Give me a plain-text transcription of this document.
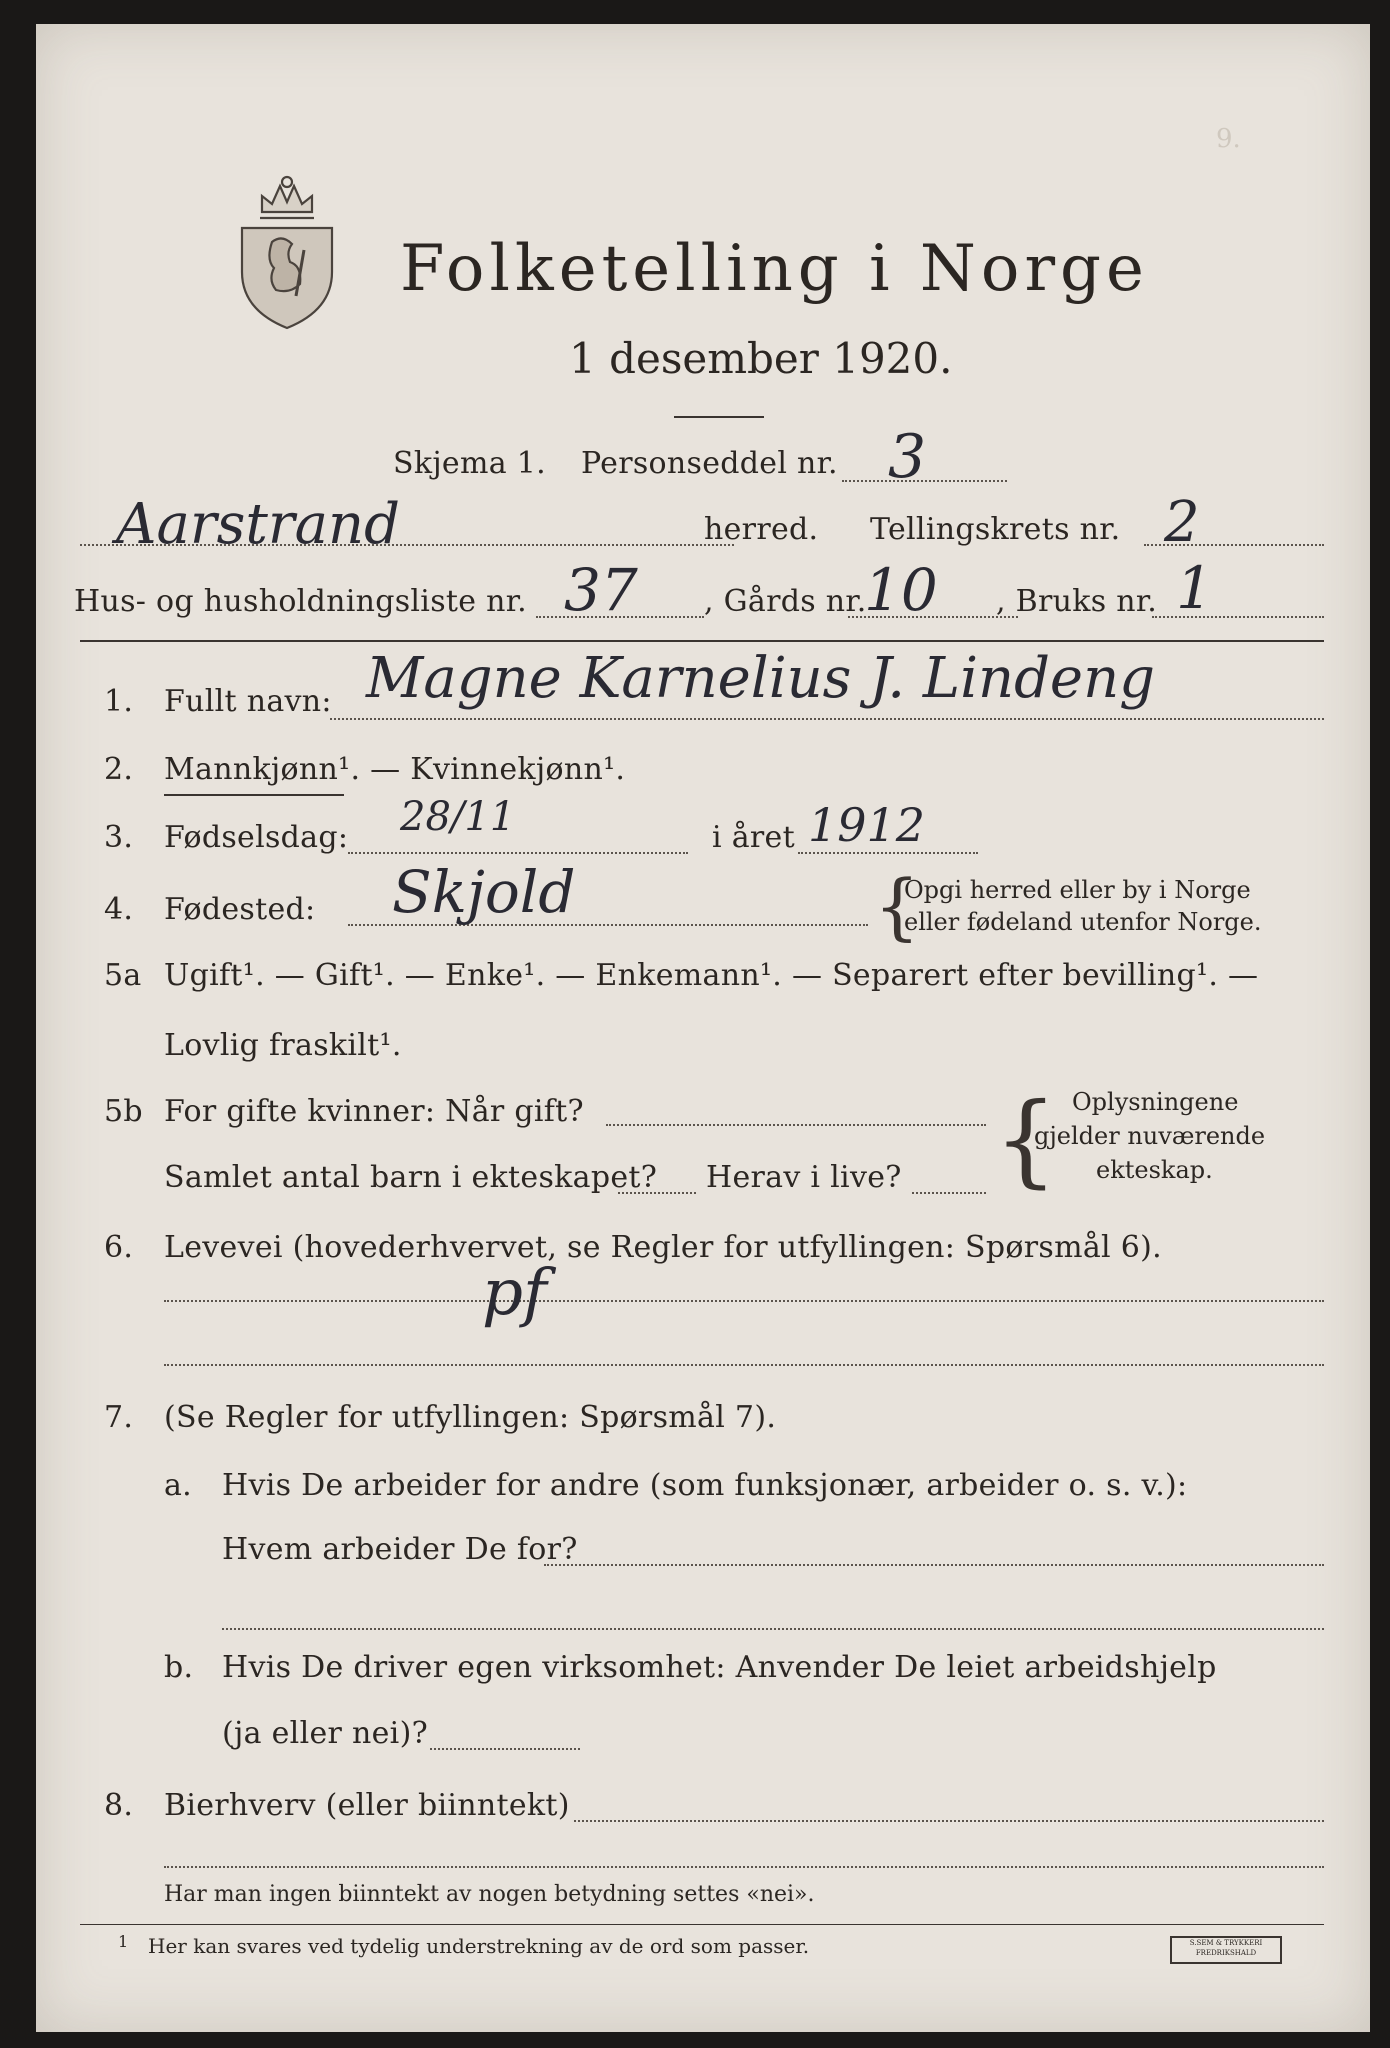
9.
Folketelling i Norge
1 desember 1920.
Skjema 1. Personseddel nr. 3
Aarstrand	herred. Tellingskrets nr. 2
Hus- og husholdningsliste nr. 37 , Gårds nr.
10 , Bruks nr. 1
1. Fullt navn: Magne Karnelius J. Lindeng
2. Mannkjønn¹. — Kvinnekjønn¹.
3. Fødselsdag: 28/11	i året 1912
4. Fødested: Skjold	{
Opgi herred eller by i Norge
eller fødeland utenfor Norge.
5a Ugift¹. — Gift¹. — Enke¹. — Enkemann¹. — Separert efter bevilling¹. —
Lovlig fraskilt¹.
5b For gifte kvinner: Når gift?
Samlet antal barn i ekteskapet? Herav i live? { Oplysningene
gjelder nuværende
ekteskap.
6. Levevei (hovederhvervet, se Regler for utfyllingen: Spørsmål 6).
pf
7. (Se Regler for utfyllingen: Spørsmål 7).
a. Hvis De arbeider for andre (som funksjonær, arbeider o. s. v.):
Hvem arbeider De for?
b. Hvis De driver egen virksomhet: Anvender De leiet arbeidshjelp
(ja eller nei)?
8. Bierhverv (eller biinntekt)
Har man ingen biinntekt av nogen betydning settes «nei».
1 Her kan svares ved tydelig understrekning av de ord som passer.	S.SEM & TRYKKERI FREDRIKSHALD
